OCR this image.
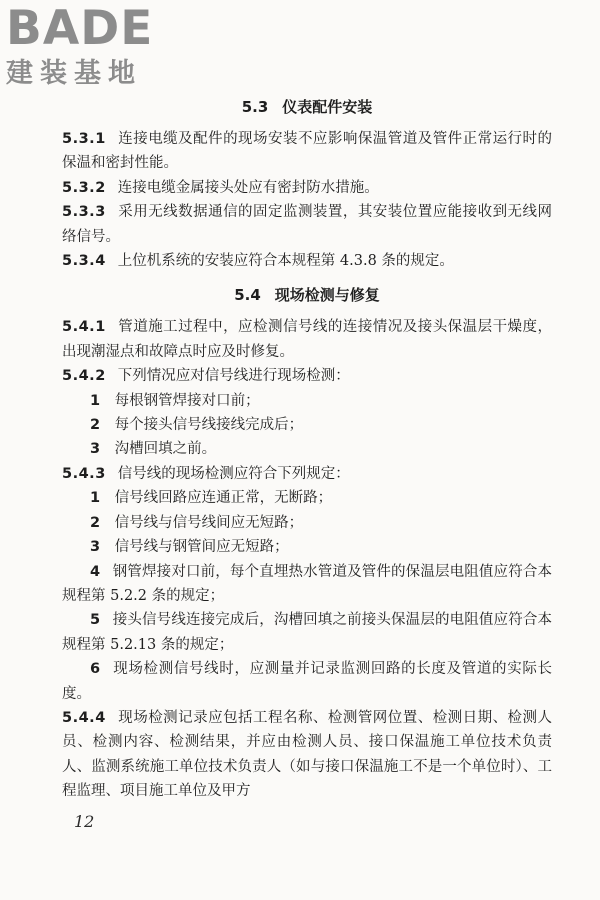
BADE
建装基地
5.3 仪表配件安装

5.3.1 连接电缆及配件的现场安装不应影响保温管道及管件正常运行时的保温和密封性能。

5.3.2 连接电缆金属接头处应有密封防水措施。

5.3.3 采用无线数据通信的固定监测装置，其安装位置应能接收到无线网络信号。

5.3.4 上位机系统的安装应符合本规程第 4.3.8 条的规定。

5.4 现场检测与修复

5.4.1 管道施工过程中，应检测信号线的连接情况及接头保温层干燥度，出现潮湿点和故障点时应及时修复。

5.4.2 下列情况应对信号线进行现场检测：

1 每根钢管焊接对口前；

2 每个接头信号线接线完成后；

3 沟槽回填之前。

5.4.3 信号线的现场检测应符合下列规定：

1 信号线回路应连通正常，无断路；

2 信号线与信号线间应无短路；

3 信号线与钢管间应无短路；

4 钢管焊接对口前，每个直埋热水管道及管件的保温层电阻值应符合本规程第 5.2.2 条的规定；

5 接头信号线连接完成后，沟槽回填之前接头保温层的电阻值应符合本规程第 5.2.13 条的规定；

6 现场检测信号线时，应测量并记录监测回路的长度及管道的实际长度。

5.4.4 现场检测记录应包括工程名称、检测管网位置、检测日期、检测人员、检测内容、检测结果，并应由检测人员、接口保温施工单位技术负责人、监测系统施工单位技术负责人（如与接口保温施工不是一个单位时）、工程监理、项目施工单位及甲方

12
